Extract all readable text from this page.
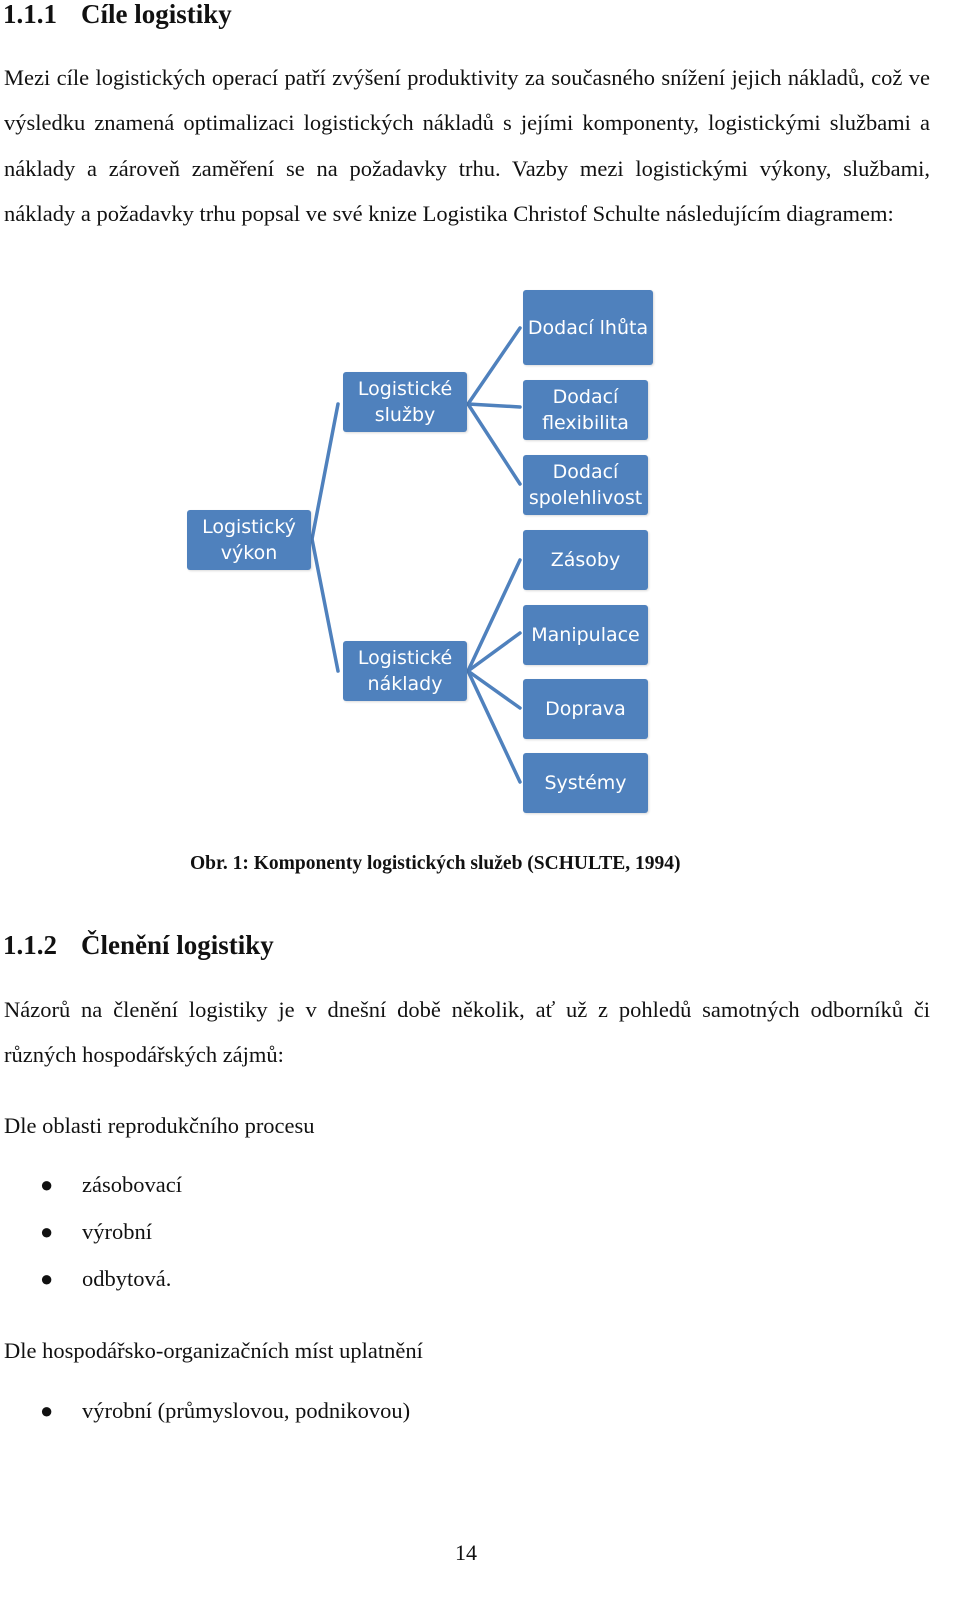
1.1.1 Cíle logistiky

Mezi cíle logistických operací patří zvýšení produktivity za současného snížení jejich nákladů, což ve výsledku znamená optimalizaci logistických nákladů s jejími komponenty, logistickými službami a náklady a zároveň zaměření se na požadavky trhu. Vazby mezi logistickými výkony, službami, náklady a požadavky trhu popsal ve své knize Logistika Christof Schulte následujícím diagramem:

Logistický
výkon
Logistické
služby
Logistické
náklady
Dodací lhůta
Dodací
flexibilita
Dodací
spolehlivost
Zásoby
Manipulace
Doprava
Systémy
Obr. 1: Komponenty logistických služeb (SCHULTE, 1994)
1.1.2 Členění logistiky

Názorů na členění logistiky je v dnešní době několik, ať už z pohledů samotných odborníků či různých hospodářských zájmů:

Dle oblasti reprodukčního procesu

● zásobovací
● výrobní
● odbytová.

Dle hospodářsko-organizačních míst uplatnění

● výrobní (průmyslovou, podnikovou)
14
